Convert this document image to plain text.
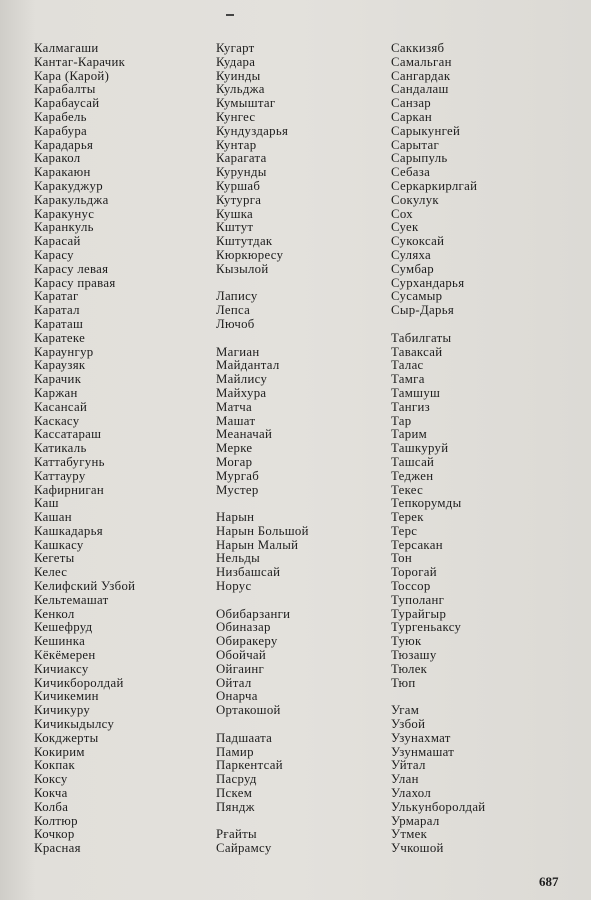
Калмагаши
Кантаг-Карачик
Кара (Карой)
Карабалты
Карабаусай
Карабель
Карабура
Карадарья
Каракол
Каракаюн
Каракуджур
Каракульджа
Каракунус
Каранкуль
Карасай
Карасу
Карасу левая
Карасу правая
Каратаг
Каратал
Караташ
Каратеке
Караунгур
Караузяк
Карачик
Каржан
Касансай
Каскасу
Кассатараш
Катикаль
Каттабугунь
Каттауру
Кафирниган
Каш
Кашан
Кашкадарья
Кашкасу
Кегеты
Келес
Келифский Узбой
Кельтемашат
Кенкол
Кешефруд
Кешинка
Кёкёмерен
Кичиаксу
Кичикбоpoлдай
Кичикемин
Кичикуру
Кичикыдылсу
Кокджерты
Кокирим
Кокпак
Коксу
Кокча
Колба
Колтюр
Кочкор
Красная
Кугарт
Кудара
Куинды
Кульджа
Кумыштаг
Кунгес
Кундуздарья
Кунтар
Карагата
Курунды
Куршаб
Кутурга
Кушка
Кштут
Кштутдак
Кюркюресу
Кызылой
Лапису
Лепса
Лючоб
Магиан
Майдантал
Майлису
Майхура
Матча
Машат
Меаначай
Мерке
Могар
Мургаб
Мустер
Нарын
Нарын Большой
Нарын Малый
Нельды
Низбашсай
Норус
Обибарзанги
Обиназар
Обиракеру
Обойчай
Ойгаинг
Ойтал
Онарча
Ортакошой
Падшаата
Памир
Паркентсай
Пасруд
Пскем
Пяндж
Рғайты
Сайрамсу
Саккизяб
Самальган
Сангардак
Сандалаш
Санзар
Саркан
Сарыкунгей
Сарытаг
Сарыпуль
Себаза
Серкаркирлгай
Сокулук
Сох
Суек
Сукоксай
Суляха
Сумбар
Сурхандарья
Сусамыр
Сыр-Дарья
Табилгаты
Таваксай
Талас
Тамга
Тамшуш
Тангиз
Тар
Тарим
Ташкуруй
Ташсай
Теджен
Текес
Тепкорумды
Терек
Терс
Терсакан
Тон
Торогай
Тоссор
Туполанг
Турайгыр
Тургеньаксу
Туюк
Тюзашу
Тюлек
Тюп
Угам
Узбой
Узунахмат
Узунмашат
Уйтал
Улан
Улахол
Улькунбоpoлдай
Урмарал
Утмек
Учкошой
687
